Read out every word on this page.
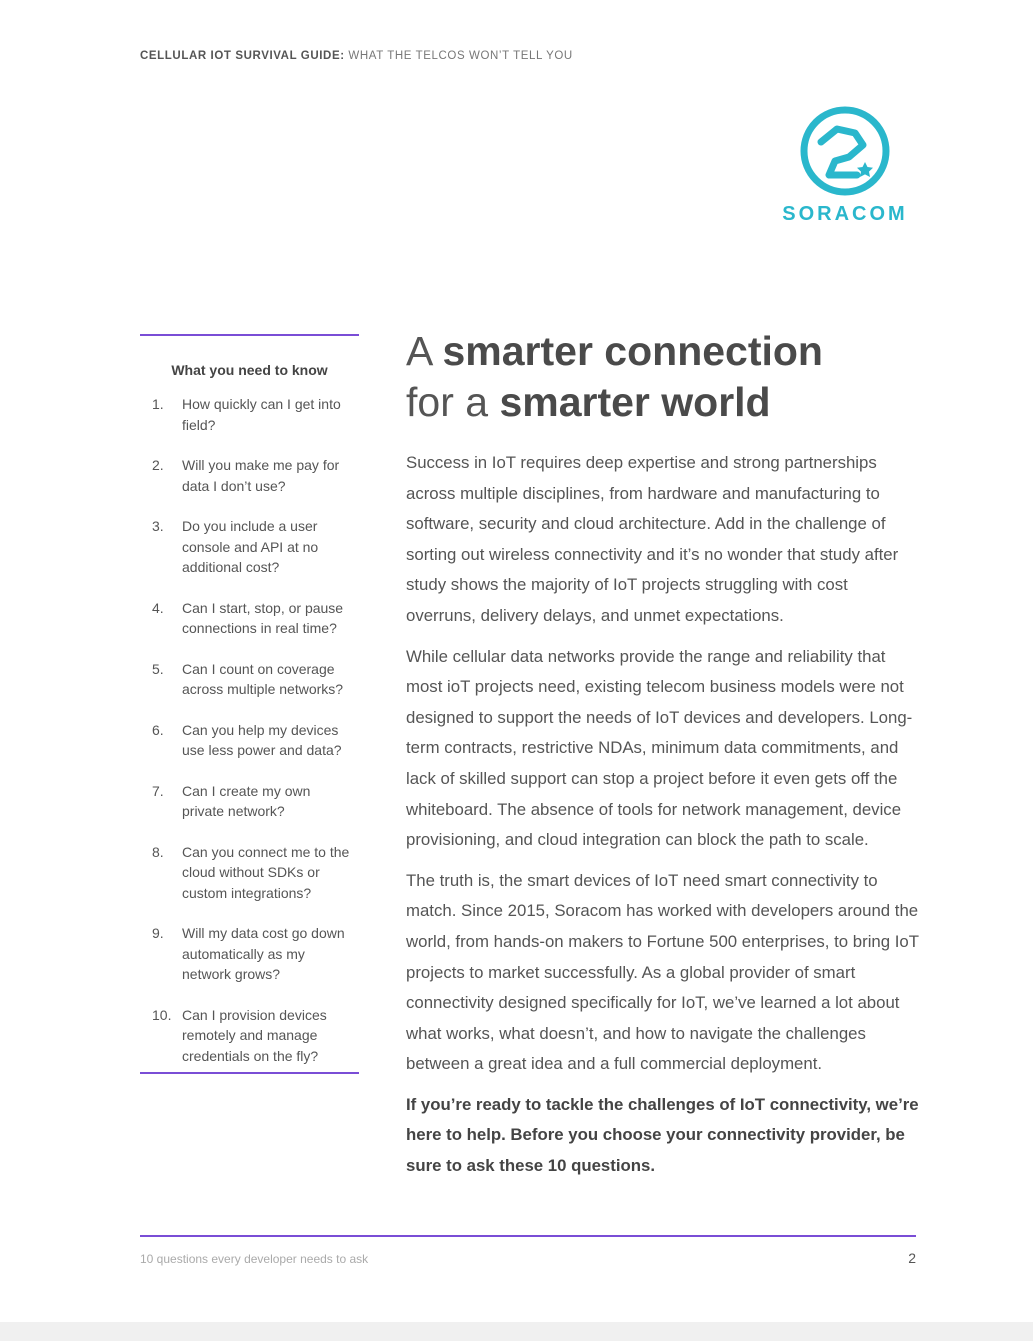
CELLULAR IOT SURVIVAL GUIDE: WHAT THE TELCOS WON’T TELL YOU
SORACOM
What you need to know
1.	How quickly can I get into field?
2.	Will you make me pay for data I don’t use?
3.	Do you include a user console and API at no additional cost?
4.	Can I start, stop, or pause connections in real time?
5.	Can I count on coverage across multiple networks?
6.	Can you help my devices use less power and data?
7.	Can I create my own private network?
8.	Can you connect me to the cloud without SDKs or custom integrations?
9.	Will my data cost go down automatically as my network grows?
10. Can I provision devices remotely and manage credentials on the fly?
A smarter connection
for a smarter world

Success in IoT requires deep expertise and strong partnerships across multiple disciplines, from hardware and manufacturing to software, security and cloud architecture. Add in the challenge of sorting out wireless connectivity and it’s no wonder that study after study shows the majority of IoT projects struggling with cost overruns, delivery delays, and unmet expectations.

While cellular data networks provide the range and reliability that most ioT projects need, existing telecom business models were not designed to support the needs of IoT devices and developers. Long-term contracts, restrictive NDAs, minimum data commitments, and lack of skilled support can stop a project before it even gets off the whiteboard. The absence of tools for network management, device provisioning, and cloud integration can block the path to scale.

The truth is, the smart devices of IoT need smart connectivity to match. Since 2015, Soracom has worked with developers around the world, from hands-on makers to Fortune 500 enterprises, to bring IoT projects to market successfully. As a global provider of smart connectivity designed specifically for IoT, we’ve learned a lot about what works, what doesn’t, and how to navigate the challenges between a great idea and a full commercial deployment.

If you’re ready to tackle the challenges of IoT connectivity, we’re here to help. Before you choose your connectivity provider, be sure to ask these 10 questions.

10 questions every developer needs to ask	2
